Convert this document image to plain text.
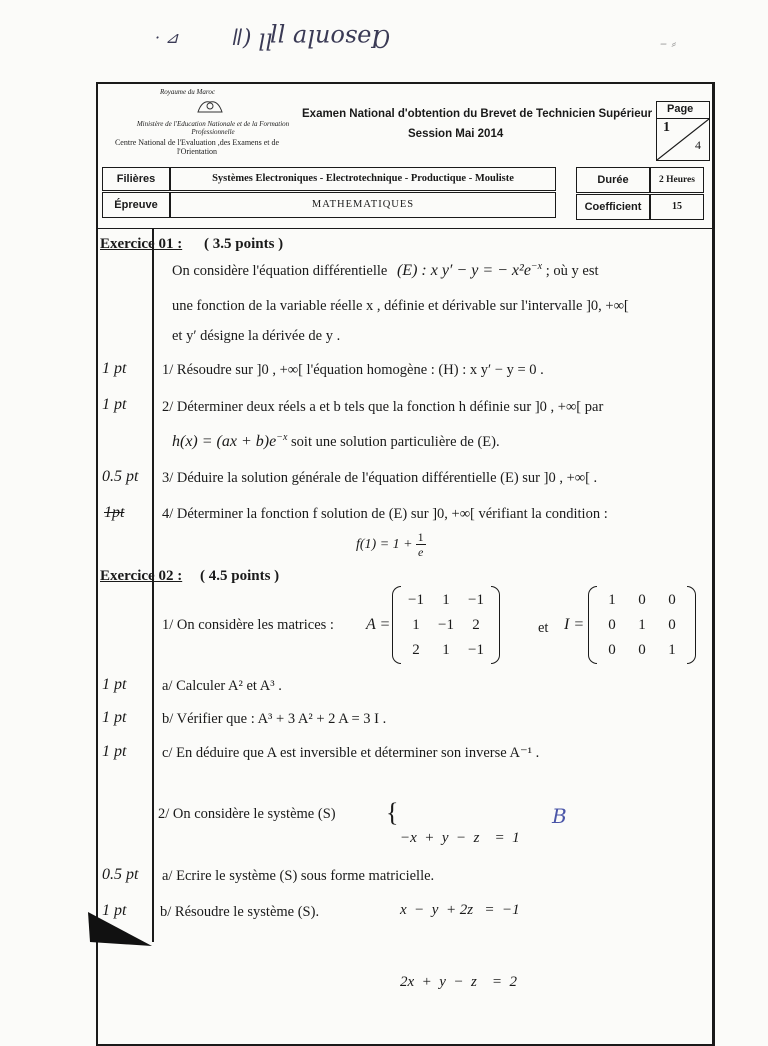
· ⊿ ǁ) ꞁꞁ
Ɑǝsonlɐ ꞁꞁ	– ⸗
Royaume du Maroc
Ministère de l'Education Nationale et de la Formation Professionnelle
Centre National de l'Evaluation ,des Examens et de l'Orientation
Examen National d'obtention du Brevet de Technicien Supérieur
Session Mai 2014
Page
1
4
Filières	Systèmes Electroniques - Electrotechnique - Productique - Mouliste
Épreuve	MATHEMATIQUES
Durée	2 Heures
Coefficient	15
Exercice 01 : ( 3.5 points )
On considère l'équation différentielle (E) : x y′ − y = − $x^2e^{-x}$ ; où y est
une fonction de la variable réelle x , définie et dérivable sur l'intervalle ]0, +∞[
et y′ désigne la dérivée de y .
1 pt 1/ Résoudre sur ]0 , +∞[ l'équation homogène : (H) : x y′ − y = 0 .
1 pt 2/ Déterminer deux réels a et b tels que la fonction h définie sur ]0 , +∞[ par
$h(x) = (ax + b)e^{-x}$ soit une solution particulière de (E).
0.5 pt 3/ Déduire la solution générale de l'équation différentielle (E) sur ]0 , +∞[ .
1pt	4/ Déterminer la fonction f solution de (E) sur ]0, +∞[ vérifiant la condition :
$f(1) = 1 + \frac{1}{e}$
Exercice 02 : ( 4.5 points )
1/ On considère les matrices : A =
−1	1	−1
1	−1	2
2	1	−1
et I =
1	0	0
0	1	0
0	0	1
1 pt a/ Calculer A² et A³ .
1 pt b/ Vérifier que : A³ + 3 A² + 2 A = 3 I .
1 pt c/ En déduire que A est inversible et déterminer son inverse A⁻¹ .
2/ On considère le système (S) {

−x  +  y  −  z    =  1

x  −  y  + 2z   =  −1

2x  +  y  −  z    =  2

B
0.5 pt a/ Ecrire le système (S) sous forme matricielle.
1 pt b/ Résoudre le système (S).
